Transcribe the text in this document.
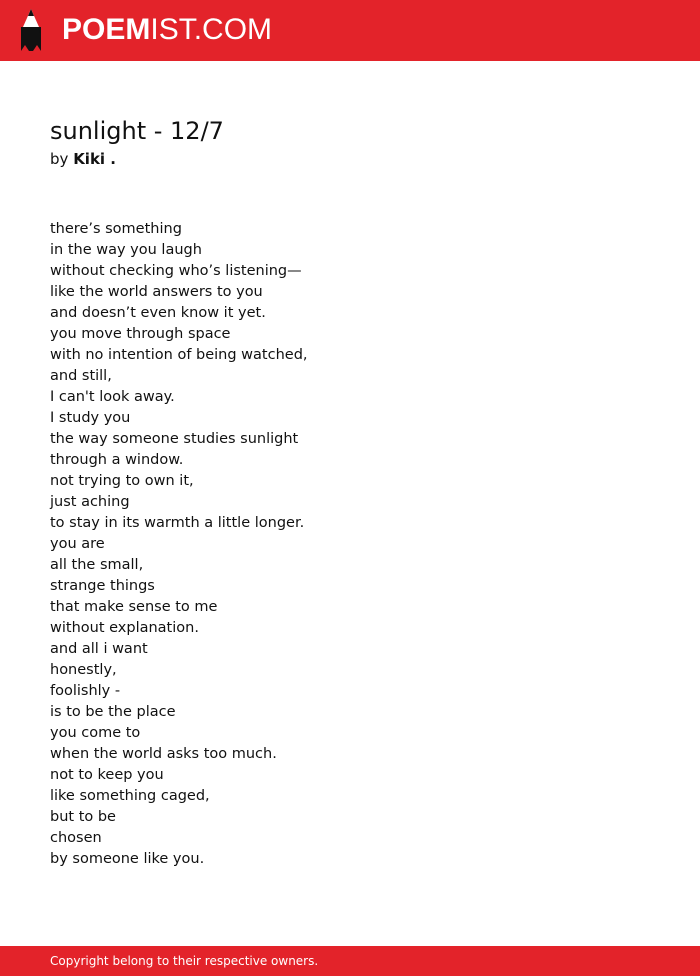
POEMIST.COM
sunlight - 12/7
by Kiki .
there’s something
in the way you laugh
without checking who’s listening—
like the world answers to you
and doesn’t even know it yet.
you move through space
with no intention of being watched,
and still,
I can't look away.
I study you
the way someone studies sunlight
through a window.
not trying to own it,
just aching
to stay in its warmth a little longer.
you are
all the small,
strange things
that make sense to me
without explanation.
and all i want
honestly,
foolishly -
is to be the place
you come to
when the world asks too much.
not to keep you
like something caged,
but to be
chosen
by someone like you.
Copyright belong to their respective owners.
